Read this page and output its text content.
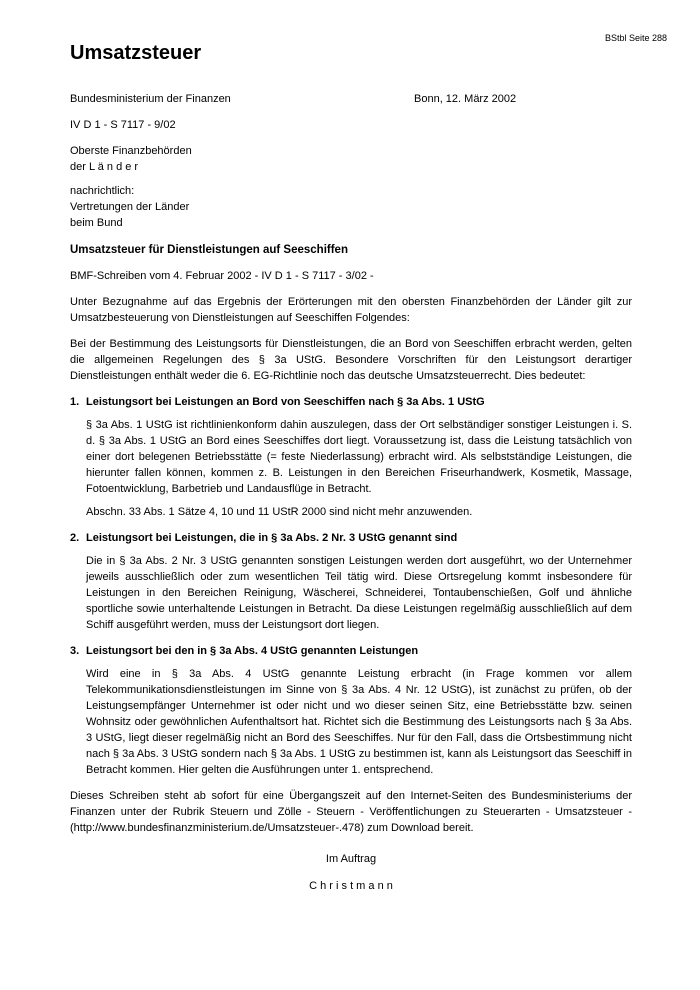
BStbl Seite 288
Umsatzsteuer
Bundesministerium der Finanzen	Bonn, 12. März 2002
IV D 1 - S 7117 - 9/02
Oberste Finanzbehörden
der L ä n d e r
nachrichtlich:
Vertretungen der Länder
beim Bund
Umsatzsteuer für Dienstleistungen auf Seeschiffen
BMF-Schreiben vom 4. Februar 2002 - IV D 1 - S 7117 - 3/02 -

Unter Bezugnahme auf das Ergebnis der Erörterungen mit den obersten Finanzbehörden der Länder gilt zur Umsatzbesteuerung von Dienstleistungen auf Seeschiffen Folgendes:

Bei der Bestimmung des Leistungsorts für Dienstleistungen, die an Bord von Seeschiffen erbracht werden, gelten die allgemeinen Regelungen des § 3a UStG. Besondere Vorschriften für den Leistungsort derartiger Dienstleistungen enthält weder die 6. EG-Richtlinie noch das deutsche Umsatzsteuerrecht. Dies bedeutet:

1. Leistungsort bei Leistungen an Bord von Seeschiffen nach § 3a Abs. 1 UStG

§ 3a Abs. 1 UStG ist richtlinienkonform dahin auszulegen, dass der Ort selbständiger sonstiger Leistungen i. S. d. § 3a Abs. 1 UStG an Bord eines Seeschiffes dort liegt. Voraussetzung ist, dass die Leistung tatsächlich von einer dort belegenen Betriebsstätte (= feste Niederlassung) erbracht wird. Als selbstständige Leistungen, die hierunter fallen können, kommen z. B. Leistungen in den Bereichen Friseurhandwerk, Kosmetik, Massage, Fotoentwicklung, Barbetrieb und Landausflüge in Betracht.

Abschn. 33 Abs. 1 Sätze 4, 10 und 11 UStR 2000 sind nicht mehr anzuwenden.

2. Leistungsort bei Leistungen, die in § 3a Abs. 2 Nr. 3 UStG genannt sind

Die in § 3a Abs. 2 Nr. 3 UStG genannten sonstigen Leistungen werden dort ausgeführt, wo der Unternehmer jeweils ausschließlich oder zum wesentlichen Teil tätig wird. Diese Ortsregelung kommt insbesondere für Leistungen in den Bereichen Reinigung, Wäscherei, Schneiderei, Tontaubenschießen, Golf und ähnliche sportliche sowie unterhaltende Leistungen in Betracht. Da diese Leistungen regelmäßig ausschließlich auf dem Schiff ausgeführt werden, muss der Leistungsort dort liegen.

3. Leistungsort bei den in § 3a Abs. 4 UStG genannten Leistungen

Wird eine in § 3a Abs. 4 UStG genannte Leistung erbracht (in Frage kommen vor allem Telekommunikationsdienstleistungen im Sinne von § 3a Abs. 4 Nr. 12 UStG), ist zunächst zu prüfen, ob der Leistungsempfänger Unternehmer ist oder nicht und wo dieser seinen Sitz, eine Betriebsstätte bzw. seinen Wohnsitz oder gewöhnlichen Aufenthaltsort hat. Richtet sich die Bestimmung des Leistungsorts nach § 3a Abs. 3 UStG, liegt dieser regelmäßig nicht an Bord des Seeschiffes. Nur für den Fall, dass die Ortsbestimmung nicht nach § 3a Abs. 3 UStG sondern nach § 3a Abs. 1 UStG zu bestimmen ist, kann als Leistungsort das Seeschiff in Betracht kommen. Hier gelten die Ausführungen unter 1. entsprechend.

Dieses Schreiben steht ab sofort für eine Übergangszeit auf den Internet-Seiten des Bundesministeriums der Finanzen unter der Rubrik Steuern und Zölle - Steuern - Veröffentlichungen zu Steuerarten - Umsatzsteuer - (http://www.bundesfinanzministerium.de/Umsatzsteuer-.478) zum Download bereit.

Im Auftrag
C h r i s t m a n n
